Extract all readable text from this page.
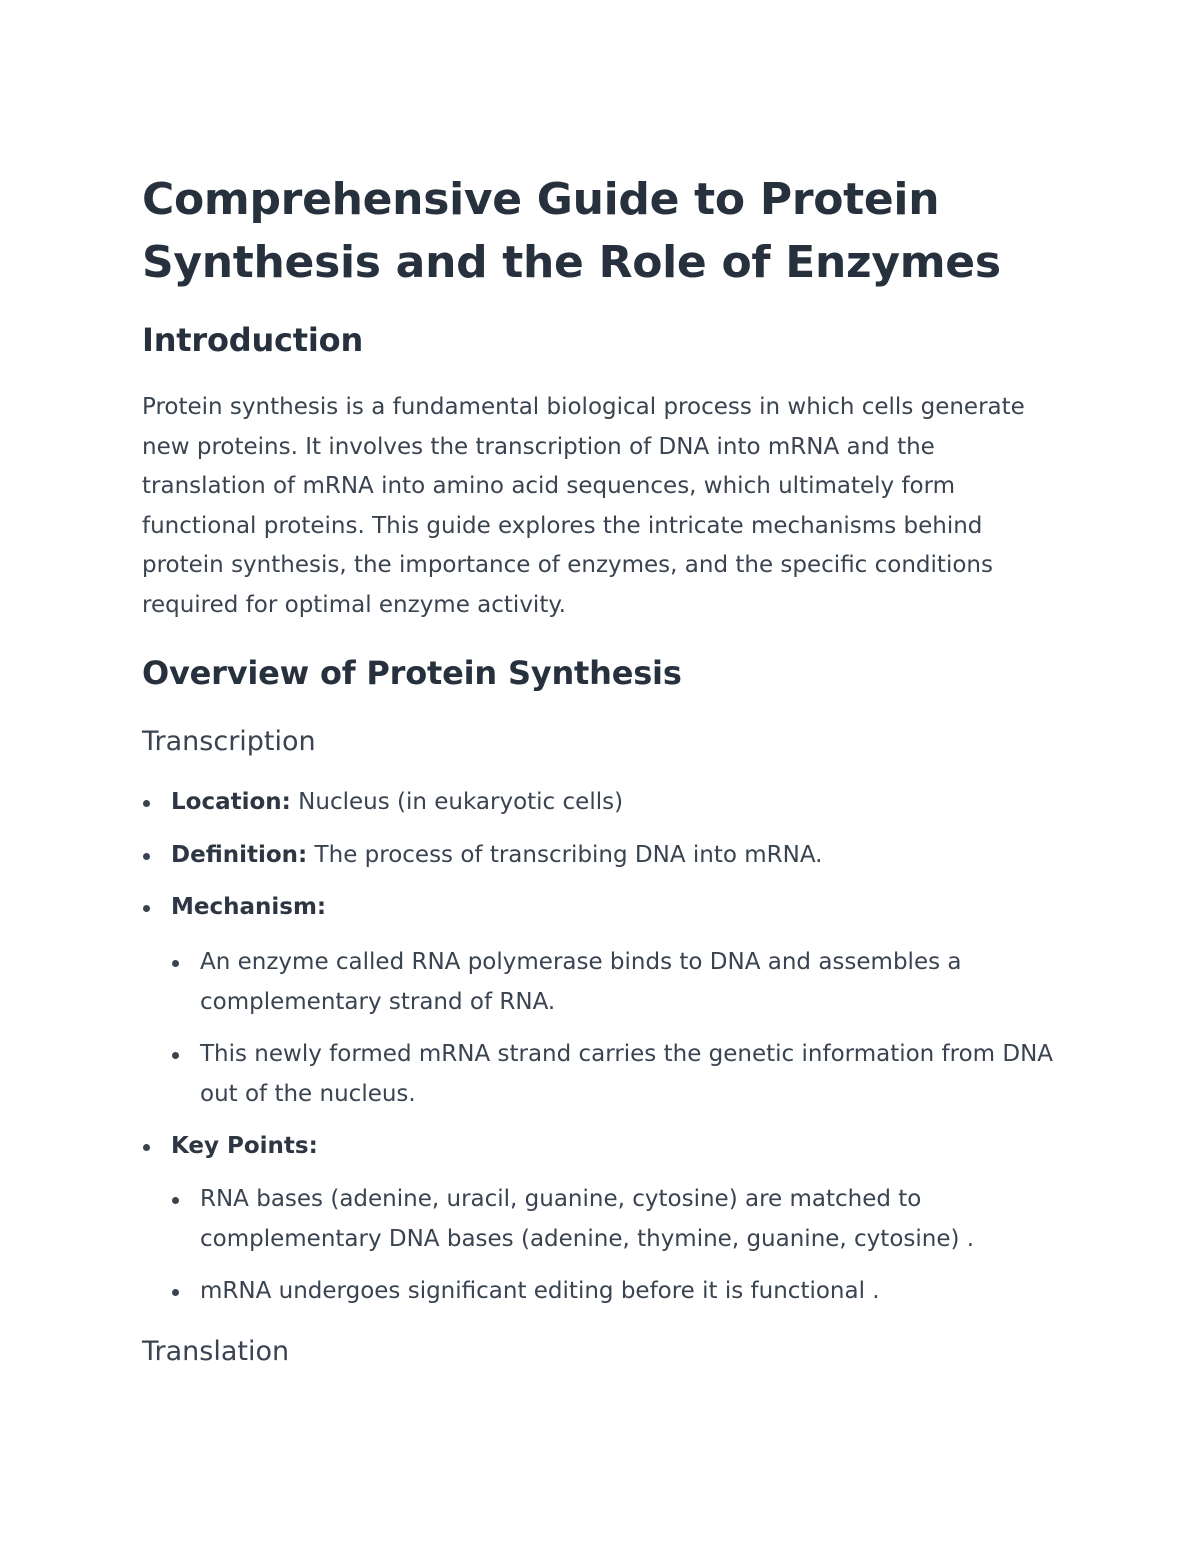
Comprehensive Guide to Protein Synthesis and the Role of Enzymes
Introduction

Protein synthesis is a fundamental biological process in which cells generate new proteins. It involves the transcription of DNA into mRNA and the translation of mRNA into amino acid sequences, which ultimately form functional proteins. This guide explores the intricate mechanisms behind protein synthesis, the importance of enzymes, and the specific conditions required for optimal enzyme activity.

Overview of Protein Synthesis
Transcription
Location: Nucleus (in eukaryotic cells)
Definition: The process of transcribing DNA into mRNA.
Mechanism:
An enzyme called RNA polymerase binds to DNA and assembles a complementary strand of RNA.
This newly formed mRNA strand carries the genetic information from DNA out of the nucleus.
Key Points:
RNA bases (adenine, uracil, guanine, cytosine) are matched to complementary DNA bases (adenine, thymine, guanine, cytosine) .
mRNA undergoes significant editing before it is functional .
Translation
